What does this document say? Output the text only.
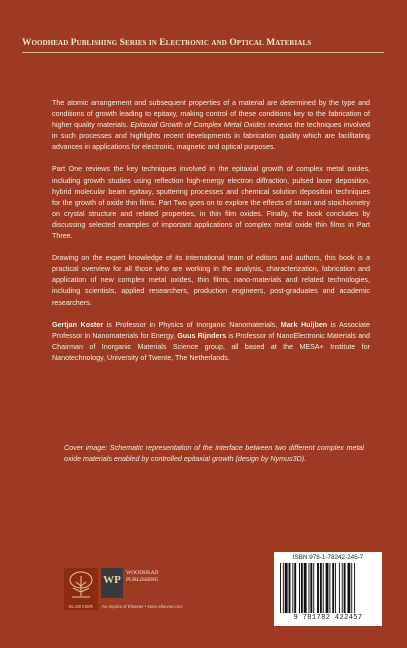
Woodhead Publishing Series in Electronic and Optical Materials

The atomic arrangement and subsequent properties of a material are determined by the type and conditions of growth leading to epitaxy, making control of these conditions key to the fabrication of higher quality materials. Epitaxial Growth of Complex Metal Oxides reviews the techniques involved in such processes and highlights recent developments in fabrication quality which are facilitating advances in applications for electronic, magnetic and optical purposes.

Part One reviews the key techniques involved in the epitaxial growth of complex metal oxides, including growth studies using reflection high-energy electron diffraction, pulsed laser deposition, hybrid molecular beam epitaxy, sputtering processes and chemical solution deposition techniques for the growth of oxide thin films. Part Two goes on to explore the effects of strain and stoichiometry on crystal structure and related properties, in thin film oxides. Finally, the book concludes by discussing selected examples of important applications of complex metal oxide thin films in Part Three.

Drawing on the expert knowledge of its international team of editors and authors, this book is a practical overview for all those who are working in the analysis, characterization, fabrication and application of new complex metal oxides, thin films, nano-materials and related technologies, including scientists, applied researchers, production engineers, post-graduates and academic researchers.

Gertjan Koster is Professor in Physics of Inorganic Nanomaterials, Mark Huijben is Associate Professor in Nanomaterials for Energy, Guus Rijnders is Professor of NanoElectronic Materials and Chairman of Inorganic Materials Science group, all based at the MESA+ Institute for Nanotechnology, University of Twente, The Netherlands.

Cover image: Schematic representation of the interface between two different complex metal oxide materials enabled by controlled epitaxial growth (design by Nymus3D).
ELSEVIER
WP
WOODHEAD
PUBLISHING
An imprint of Elsevier • store.elsevier.com
ISBN 978-1-78242-245-7
9 781782 422457
